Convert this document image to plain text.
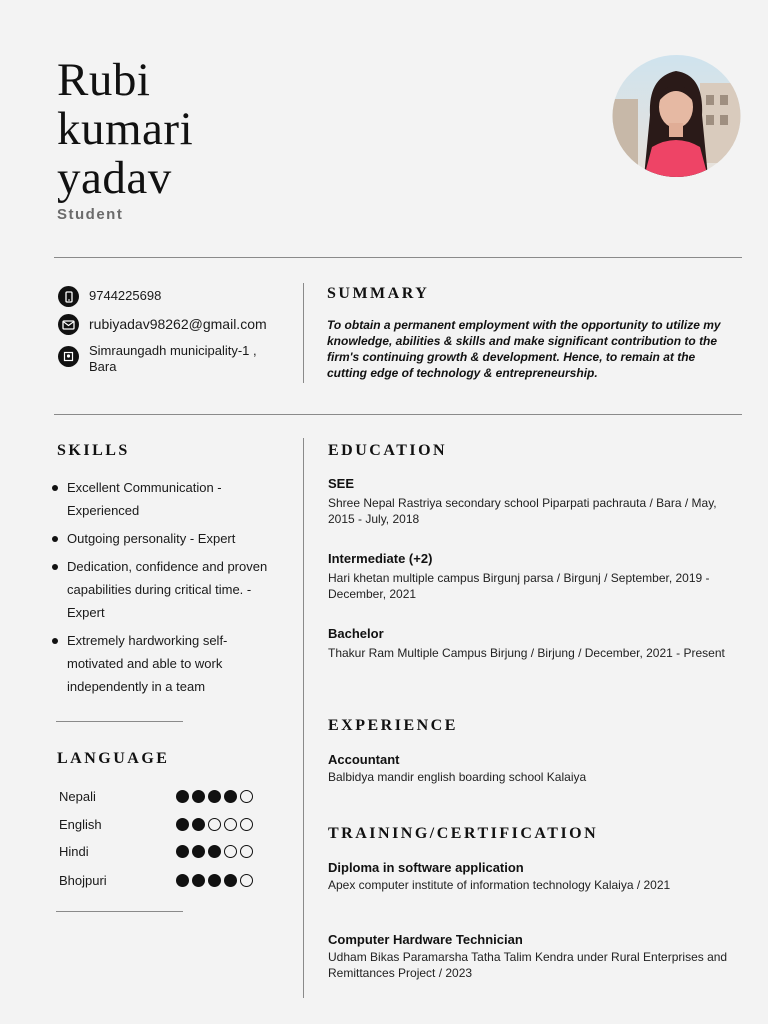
Rubi
kumari
yadav
Student
9744225698
rubiyadav98262@gmail.com
Simraungadh municipality-1 ,
Bara
SUMMARY
To obtain a permanent employment with the opportunity to utilize my knowledge, abilities & skills and make significant contribution to the firm's continuing growth & development. Hence, to remain at the cutting edge of technology & entrepreneurship.
SKILLS
Excellent Communication - Experienced
Outgoing personality - Expert
Dedication, confidence and proven capabilities during critical time. - Expert
Extremely hardworking self-motivated and able to work independently in a team
LANGUAGE
Nepali
English
Hindi
Bhojpuri
EDUCATION
SEE
Shree Nepal Rastriya secondary school Piparpati pachrauta / Bara / May, 2015 - July, 2018
Intermediate (+2)
Hari khetan multiple campus Birgunj parsa / Birgunj / September, 2019 - December, 2021
Bachelor
Thakur Ram Multiple Campus Birjung / Birjung / December, 2021 - Present
EXPERIENCE
Accountant
Balbidya mandir english boarding school Kalaiya
TRAINING/CERTIFICATION
Diploma in software application
Apex computer institute of information technology Kalaiya / 2021
Computer Hardware Technician
Udham Bikas Paramarsha Tatha Talim Kendra under Rural Enterprises and Remittances Project / 2023
